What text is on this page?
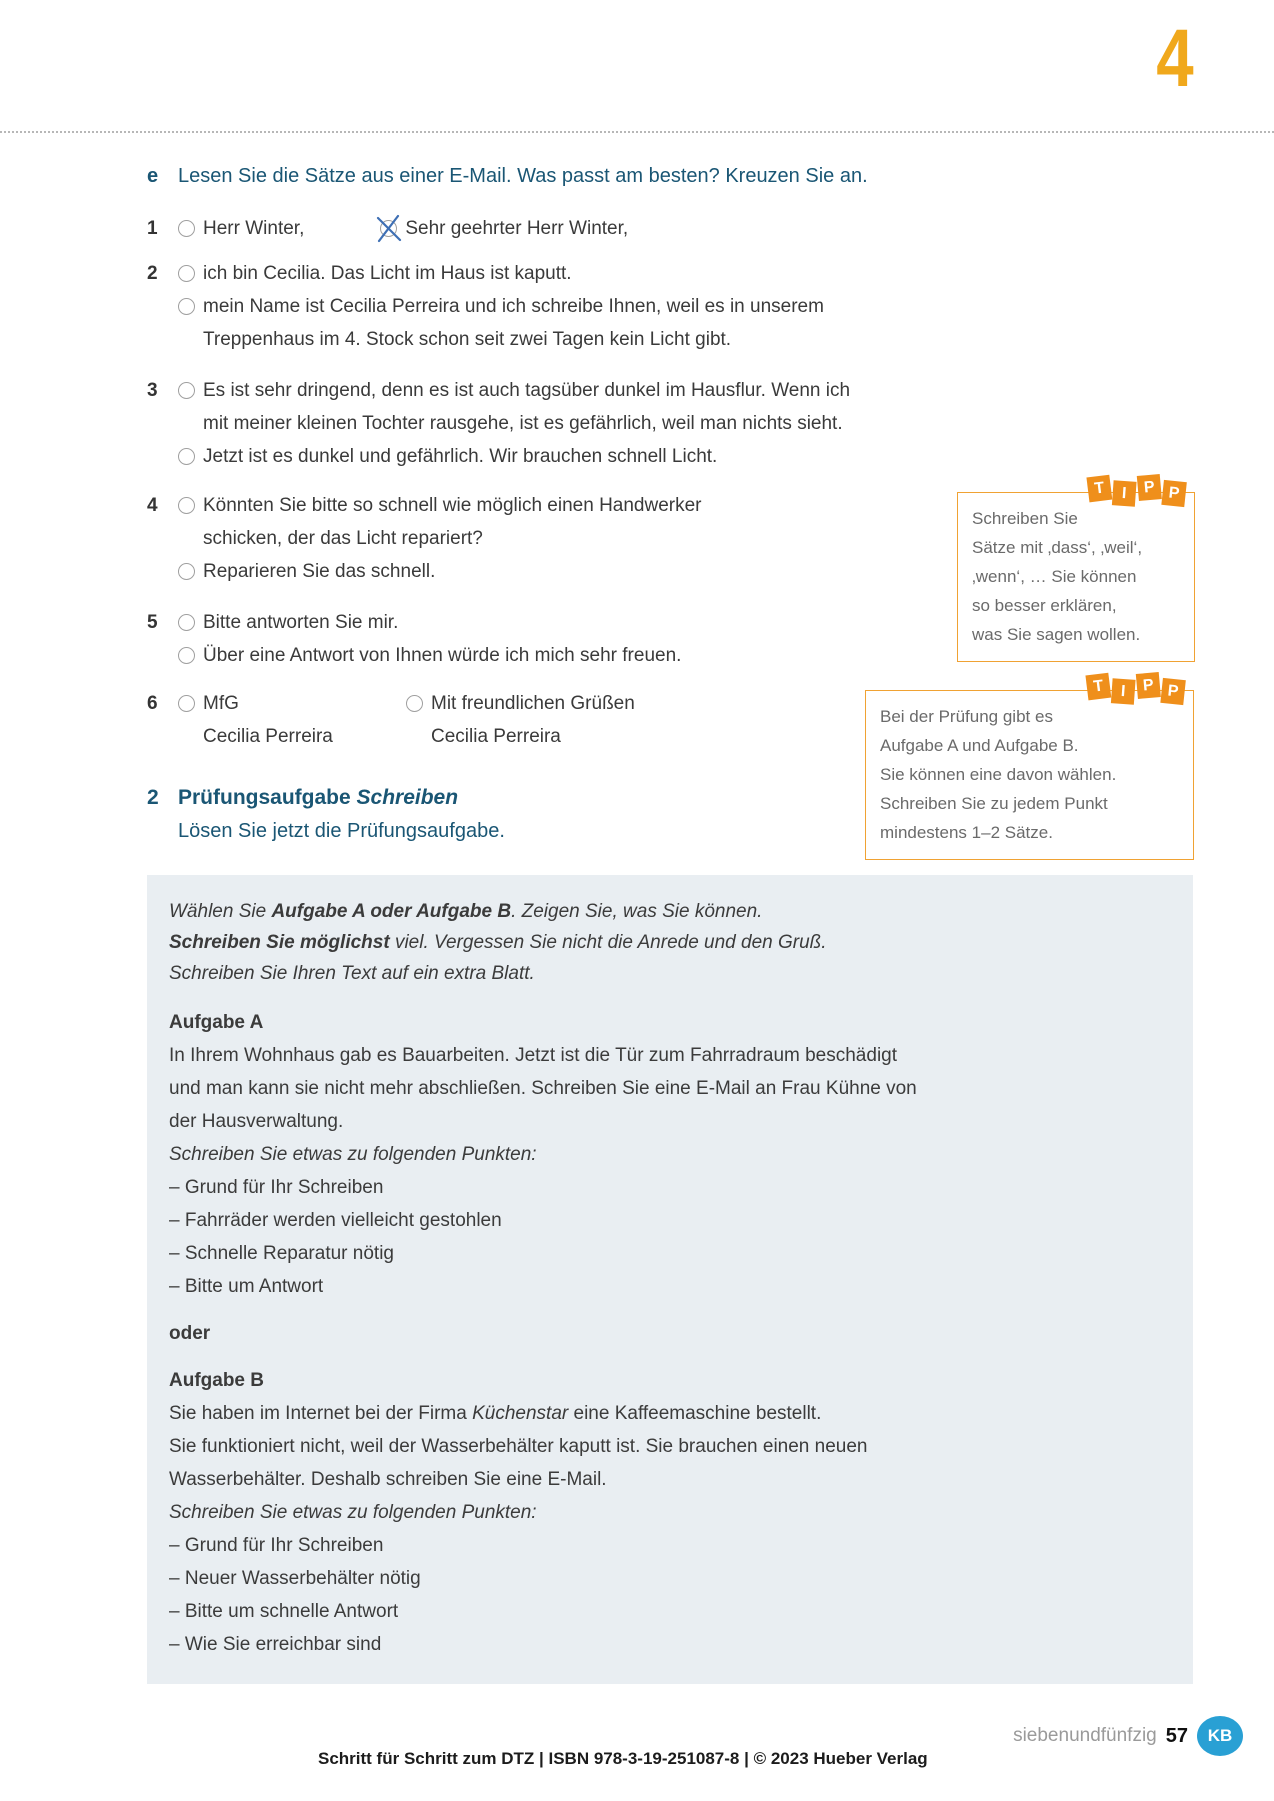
4
e Lesen Sie die Sätze aus einer E-Mail. Was passt am besten? Kreuzen Sie an.
1	Herr Winter,	Sehr geehrter Herr Winter,
2	ich bin Cecilia. Das Licht im Haus ist kaputt.
mein Name ist Cecilia Perreira und ich schreibe Ihnen, weil es in unserem
Treppenhaus im 4. Stock schon seit zwei Tagen kein Licht gibt.
3	Es ist sehr dringend, denn es ist auch tagsüber dunkel im Hausflur. Wenn ich
mit meiner kleinen Tochter rausgehe, ist es gefährlich, weil man nichts sieht.
Jetzt ist es dunkel und gefährlich. Wir brauchen schnell Licht.
4	Könnten Sie bitte so schnell wie möglich einen Handwerker
schicken, der das Licht repariert?
Reparieren Sie das schnell.
5	Bitte antworten Sie mir.
Über eine Antwort von Ihnen würde ich mich sehr freuen.
6	MfG
Cecilia Perreira
Mit freundlichen Grüßen
Cecilia Perreira
T	I	P P
Schreiben Sie
Sätze mit ‚dass‘, ‚weil‘,
‚wenn‘, … Sie können
so besser erklären,
was Sie sagen wollen.
T	I	P P
Bei der Prüfung gibt es
Aufgabe A und Aufgabe B.
Sie können eine davon wählen.
Schreiben Sie zu jedem Punkt
mindestens 1–2 Sätze.
2 Prüfungsaufgabe Schreiben
Lösen Sie jetzt die Prüfungsaufgabe.
Wählen Sie Aufgabe A oder Aufgabe B. Zeigen Sie, was Sie können.
Schreiben Sie möglichst viel. Vergessen Sie nicht die Anrede und den Gruß.
Schreiben Sie Ihren Text auf ein extra Blatt.
Aufgabe A
In Ihrem Wohnhaus gab es Bauarbeiten. Jetzt ist die Tür zum Fahrradraum beschädigt
und man kann sie nicht mehr abschließen. Schreiben Sie eine E-Mail an Frau Kühne von
der Hausverwaltung.
Schreiben Sie etwas zu folgenden Punkten:
– Grund für Ihr Schreiben
– Fahrräder werden vielleicht gestohlen
– Schnelle Reparatur nötig
– Bitte um Antwort
oder
Aufgabe B
Sie haben im Internet bei der Firma Küchenstar eine Kaffeemaschine bestellt.
Sie funktioniert nicht, weil der Wasserbehälter kaputt ist. Sie brauchen einen neuen
Wasserbehälter. Deshalb schreiben Sie eine E-Mail.
Schreiben Sie etwas zu folgenden Punkten:
– Grund für Ihr Schreiben
– Neuer Wasserbehälter nötig
– Bitte um schnelle Antwort
– Wie Sie erreichbar sind
siebenundfünfzig 57	KB
Schritt für Schritt zum DTZ | ISBN 978-3-19-251087-8 | © 2023 Hueber Verlag
